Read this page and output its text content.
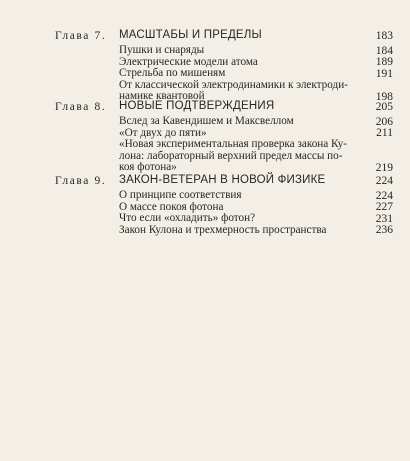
Глава 7. МАСШТАБЫ И ПРЕДЕЛЫ	183
Пушки и снаряды	184
Электрические модели атома	189
Стрельба по мишеням	191
От классической электродинамики к электроди- намике квантовой	198
Глава 8. НОВЫЕ ПОДТВЕРЖДЕНИЯ	205
Вслед за Кавендишем и Максвеллом	206
«От двух до пяти»	211
«Новая экспериментальная проверка закона Ку- лона: лабораторный верхний предел массы по- коя фотона»	219
Глава 9. ЗАКОН-ВЕТЕРАН В НОВОЙ ФИЗИКЕ	224
О принципе соответствия	224
О массе покоя фотона	227
Что если «охладить» фотон?	231
Закон Кулона и трехмерность пространства	236
